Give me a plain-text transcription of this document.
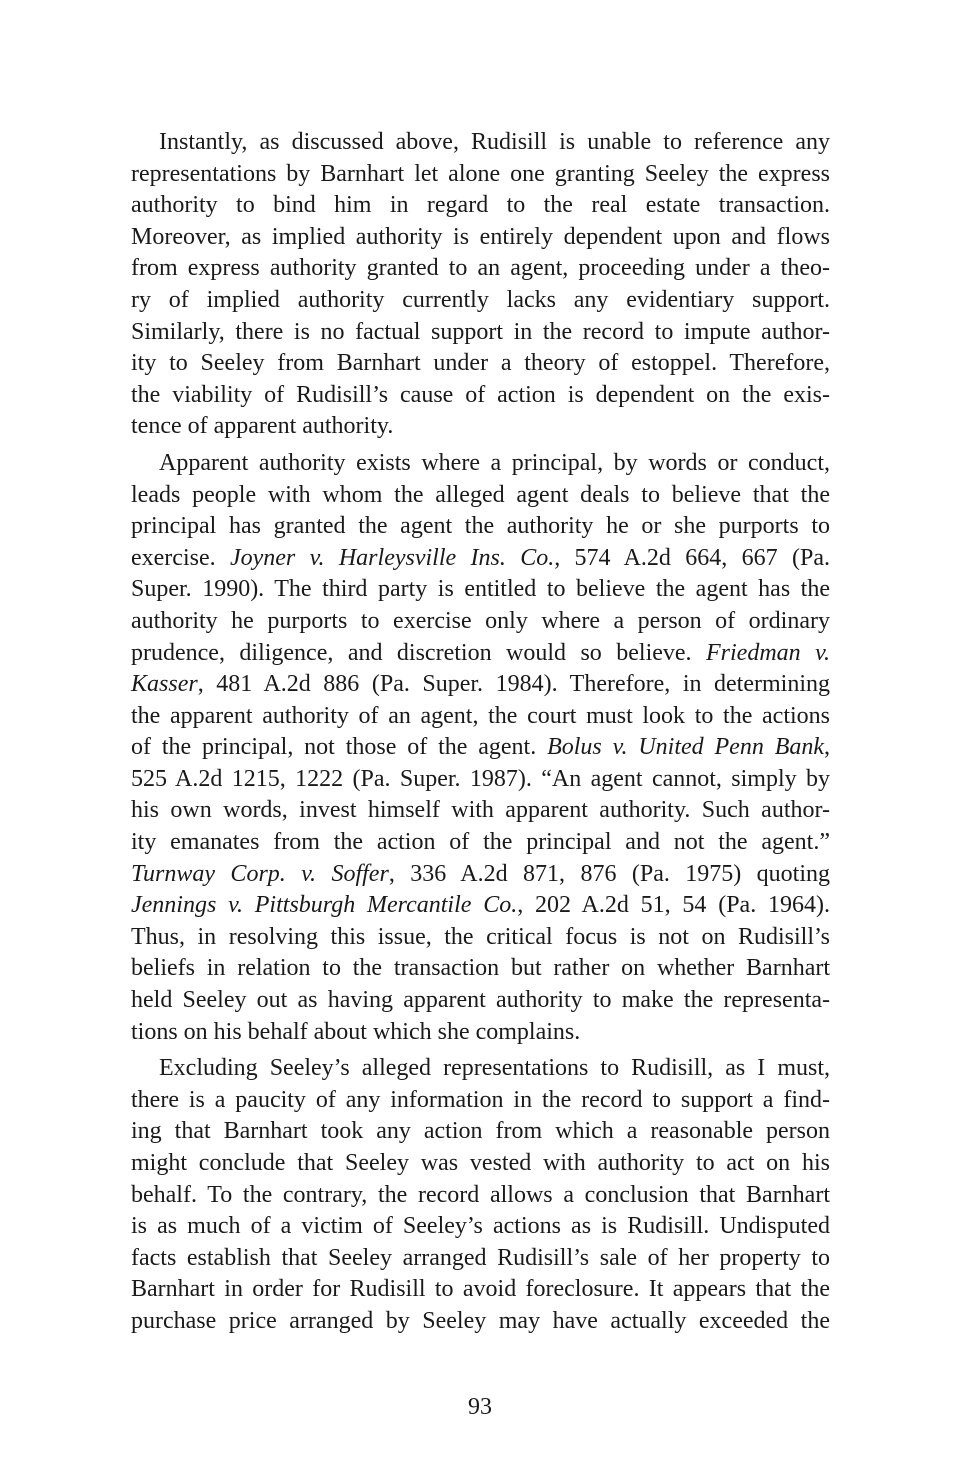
Instantly, as discussed above, Rudisill is unable to reference any
representations by Barnhart let alone one granting Seeley the express
authority to bind him in regard to the real estate transaction.
Moreover, as implied authority is entirely dependent upon and flows
from express authority granted to an agent, proceeding under a theo-
ry of implied authority currently lacks any evidentiary support.
Similarly, there is no factual support in the record to impute author-
ity to Seeley from Barnhart under a theory of estoppel. Therefore,
the viability of Rudisill’s cause of action is dependent on the exis-
tence of apparent authority.
Apparent authority exists where a principal, by words or conduct,
leads people with whom the alleged agent deals to believe that the
principal has granted the agent the authority he or she purports to
exercise. Joyner v. Harleysville Ins. Co., 574 A.2d 664, 667 (Pa.
Super. 1990). The third party is entitled to believe the agent has the
authority he purports to exercise only where a person of ordinary
prudence, diligence, and discretion would so believe. Friedman v.
Kasser, 481 A.2d 886 (Pa. Super. 1984). Therefore, in determining
the apparent authority of an agent, the court must look to the actions
of the principal, not those of the agent. Bolus v. United Penn Bank,
525 A.2d 1215, 1222 (Pa. Super. 1987). “An agent cannot, simply by
his own words, invest himself with apparent authority. Such author-
ity emanates from the action of the principal and not the agent.”
Turnway Corp. v. Soffer, 336 A.2d 871, 876 (Pa. 1975) quoting
Jennings v. Pittsburgh Mercantile Co., 202 A.2d 51, 54 (Pa. 1964).
Thus, in resolving this issue, the critical focus is not on Rudisill’s
beliefs in relation to the transaction but rather on whether Barnhart
held Seeley out as having apparent authority to make the representa-
tions on his behalf about which she complains.
Excluding Seeley’s alleged representations to Rudisill, as I must,
there is a paucity of any information in the record to support a find-
ing that Barnhart took any action from which a reasonable person
might conclude that Seeley was vested with authority to act on his
behalf. To the contrary, the record allows a conclusion that Barnhart
is as much of a victim of Seeley’s actions as is Rudisill. Undisputed
facts establish that Seeley arranged Rudisill’s sale of her property to
Barnhart in order for Rudisill to avoid foreclosure. It appears that the
purchase price arranged by Seeley may have actually exceeded the
93
